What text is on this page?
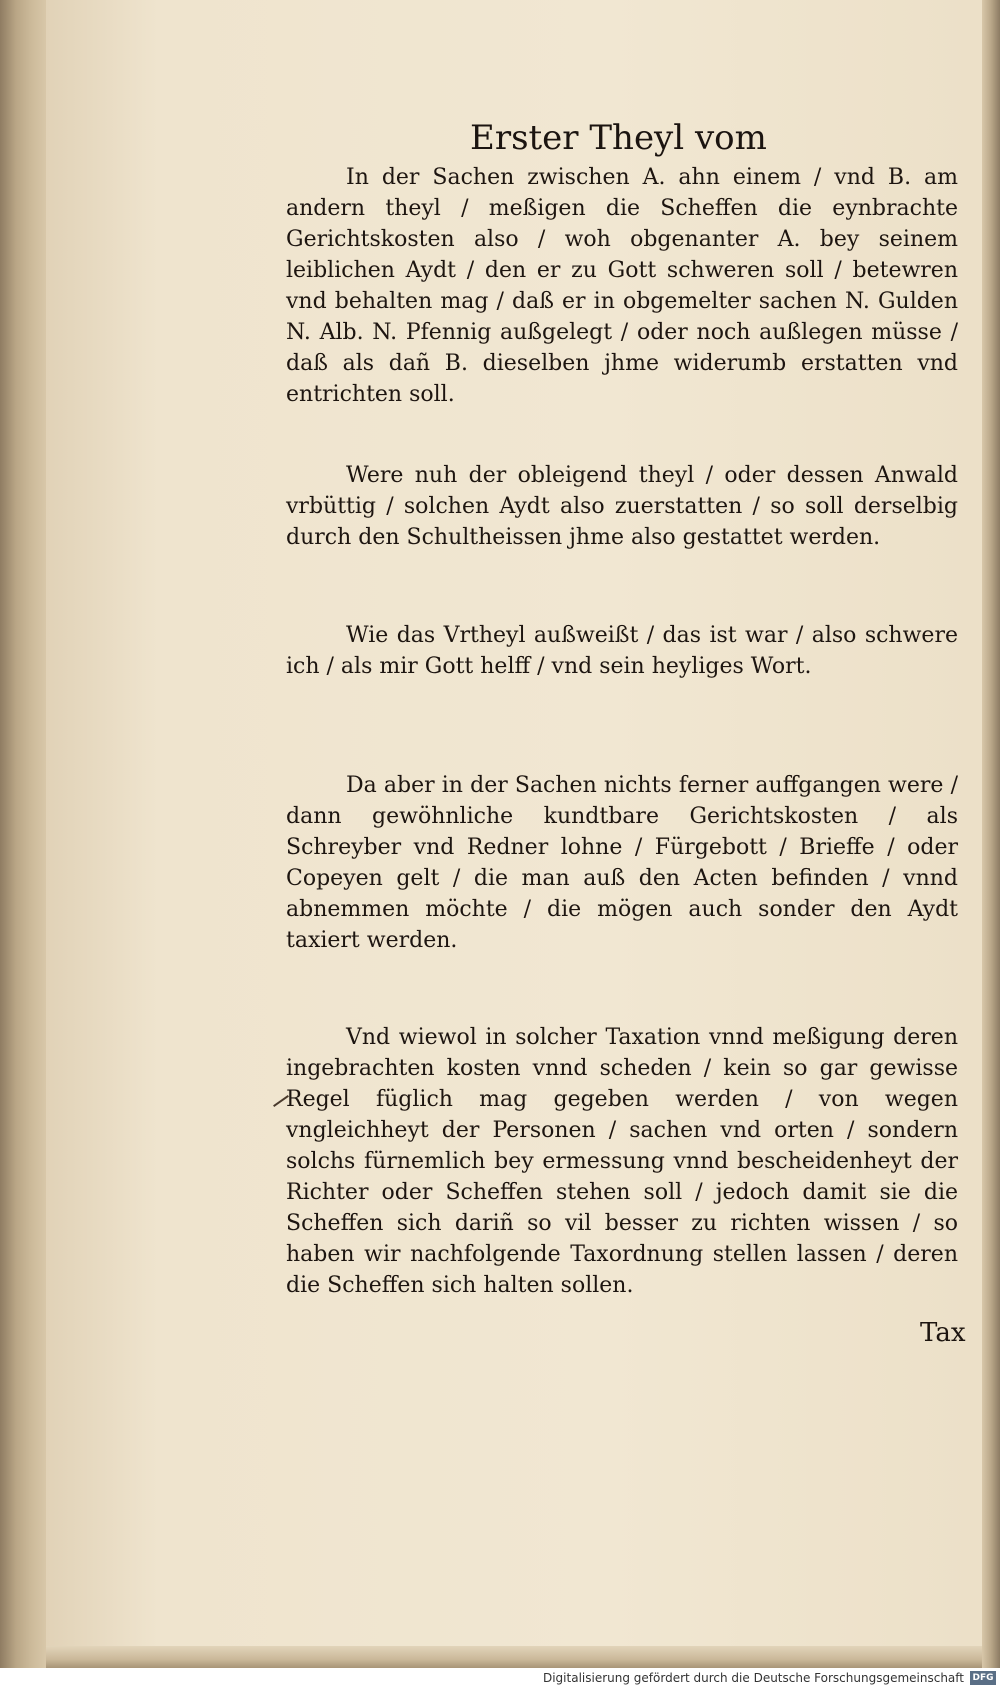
Erster Theyl vom
In der Sachen zwischen A. ahn einem / vnd B. am andern theyl / meßigen die Scheffen die eynbrachte Gerichtskosten also / woh obgenanter A. bey seinem leiblichen Aydt / den er zu Gott schweren soll / betewren vnd behalten mag / daß er in obgemelter sachen N. Gulden N. Alb. N. Pfennig außgelegt / oder noch außlegen müsse / daß als dañ B. dieselben jhme widerumb erstatten vnd entrichten soll.
Were nuh der obleigend theyl / oder dessen Anwald vrbüttig / solchen Aydt also zuerstatten / so soll derselbig durch den Schultheissen jhme also gestattet werden.
Wie das Vrtheyl außweißt / das ist war / also schwere ich / als mir Gott helff / vnd sein heyliges Wort.
Da aber in der Sachen nichts ferner auffgangen were / dann gewöhnliche kundtbare Gerichtskosten / als Schreyber vnd Redner lohne / Fürgebott / Brieffe / oder Copeyen gelt / die man auß den Acten befinden / vnnd abnemmen möchte / die mögen auch sonder den Aydt taxiert werden.
Vnd wiewol in solcher Taxation vnnd meßigung deren ingebrachten kosten vnnd scheden / kein so gar gewisse Regel füglich mag gegeben werden / von wegen vngleichheyt der Personen / sachen vnd orten / sondern solchs fürnemlich bey ermessung vnnd bescheidenheyt der Richter oder Scheffen stehen soll / jedoch damit sie die Scheffen sich dariñ so vil besser zu richten wissen / so haben wir nachfolgende Taxordnung stellen lassen / deren die Scheffen sich halten sollen.
Tax
Digitalisierung gefördert durch die Deutsche Forschungsgemeinschaft DFG
